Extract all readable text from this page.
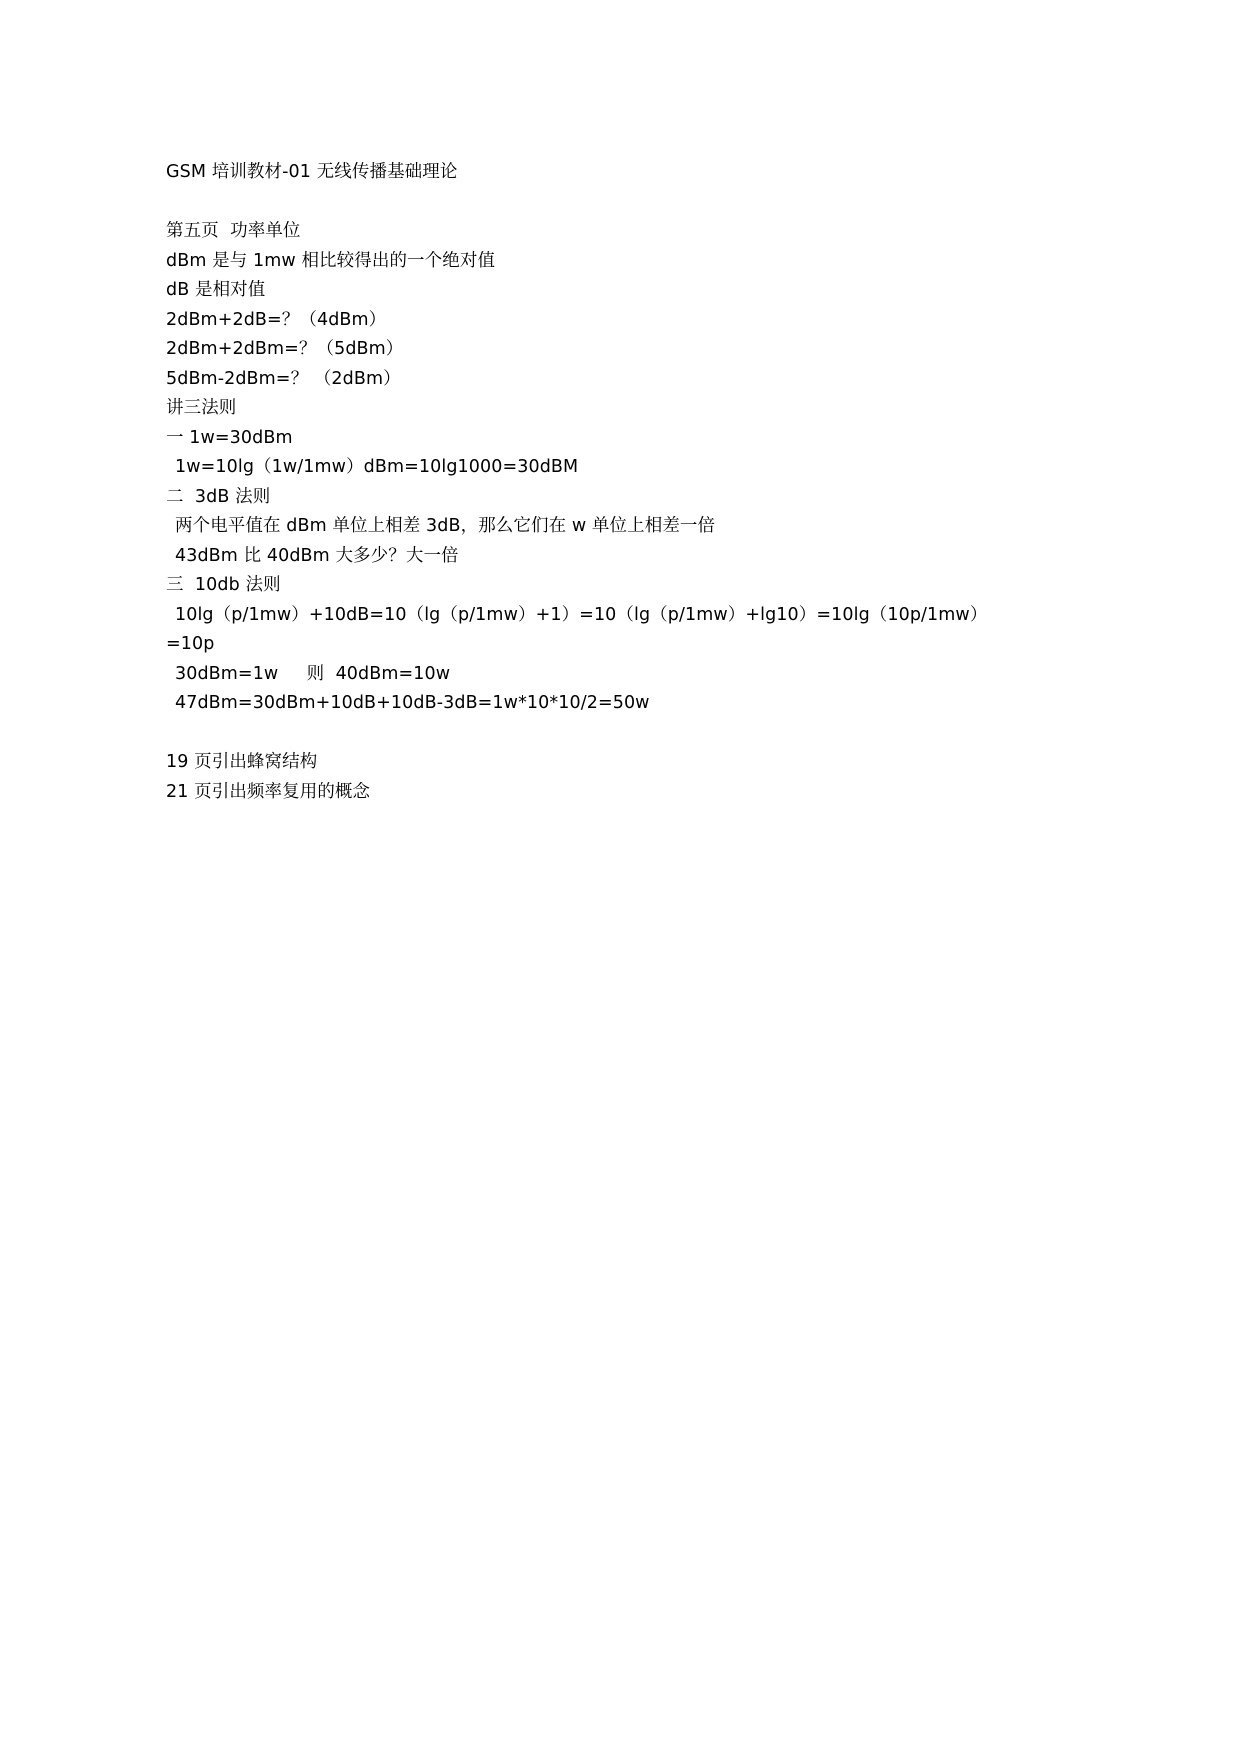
GSM 培训教材-01 无线传播基础理论
第五页  功率单位
dBm 是与 1mw 相比较得出的一个绝对值
dB 是相对值
2dBm+2dB=？（4dBm）
2dBm+2dBm=？（5dBm）
5dBm-2dBm=？ （2dBm）
讲三法则
一 1w=30dBm
1w=10lg（1w/1mw）dBm=10lg1000=30dBM
二  3dB 法则
两个电平值在 dBm 单位上相差 3dB，那么它们在 w 单位上相差一倍
43dBm 比 40dBm 大多少？大一倍
三  10db 法则
10lg（p/1mw）+10dB=10（lg（p/1mw）+1）=10（lg（p/1mw）+lg10）=10lg（10p/1mw）
=10p
30dBm=1w     则  40dBm=10w
47dBm=30dBm+10dB+10dB-3dB=1w*10*10/2=50w
19 页引出蜂窝结构
21 页引出频率复用的概念
